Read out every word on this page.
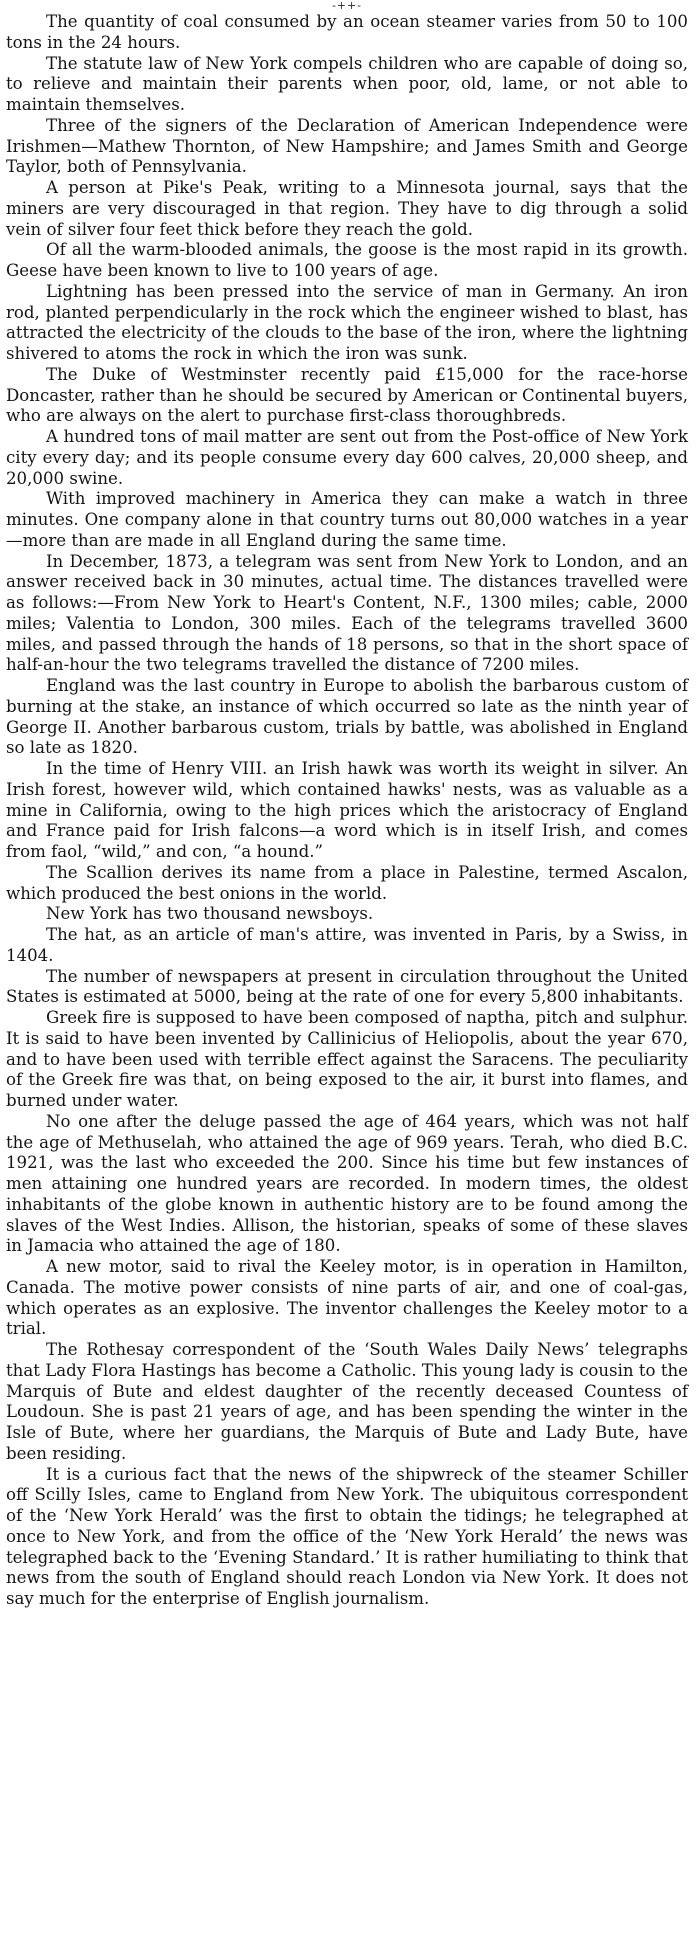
-++-

The quantity of coal consumed by an ocean steamer varies from 50 to 100 tons in the 24 hours.

The statute law of New York compels children who are capable of doing so, to relieve and maintain their parents when poor, old, lame, or not able to maintain themselves.

Three of the signers of the Declaration of American Independence were Irishmen—Mathew Thornton, of New Hampshire; and James Smith and George Taylor, both of Pennsylvania.

A person at Pike's Peak, writing to a Minnesota journal, says that the miners are very discouraged in that region. They have to dig through a solid vein of silver four feet thick before they reach the gold.

Of all the warm-blooded animals, the goose is the most rapid in its growth. Geese have been known to live to 100 years of age.

Lightning has been pressed into the service of man in Germany. An iron rod, planted perpendicularly in the rock which the engineer wished to blast, has attracted the electricity of the clouds to the base of the iron, where the lightning shivered to atoms the rock in which the iron was sunk.

The Duke of Westminster recently paid £15,000 for the race-horse Doncaster, rather than he should be secured by American or Continental buyers, who are always on the alert to purchase first-class thoroughbreds.

A hundred tons of mail matter are sent out from the Post-office of New York city every day; and its people consume every day 600 calves, 20,000 sheep, and 20,000 swine.

With improved machinery in America they can make a watch in three minutes. One company alone in that country turns out 80,000 watches in a year—more than are made in all England during the same time.

In December, 1873, a telegram was sent from New York to London, and an answer received back in 30 minutes, actual time. The distances travelled were as follows:—From New York to Heart's Content, N.F., 1300 miles; cable, 2000 miles; Valentia to London, 300 miles. Each of the telegrams travelled 3600 miles, and passed through the hands of 18 persons, so that in the short space of half-an-hour the two telegrams travelled the distance of 7200 miles.

England was the last country in Europe to abolish the barbarous custom of burning at the stake, an instance of which occurred so late as the ninth year of George II. Another barbarous custom, trials by battle, was abolished in England so late as 1820.

In the time of Henry VIII. an Irish hawk was worth its weight in silver. An Irish forest, however wild, which contained hawks' nests, was as valuable as a mine in California, owing to the high prices which the aristocracy of England and France paid for Irish falcons—a word which is in itself Irish, and comes from faol, “wild,” and con, “a hound.”

The Scallion derives its name from a place in Palestine, termed Ascalon, which produced the best onions in the world.

New York has two thousand newsboys.

The hat, as an article of man's attire, was invented in Paris, by a Swiss, in 1404.

The number of newspapers at present in circulation throughout the United States is estimated at 5000, being at the rate of one for every 5,800 inhabitants.

Greek fire is supposed to have been composed of naptha, pitch and sulphur. It is said to have been invented by Callinicius of Heliopolis, about the year 670, and to have been used with terrible effect against the Saracens. The peculiarity of the Greek fire was that, on being exposed to the air, it burst into flames, and burned under water.

No one after the deluge passed the age of 464 years, which was not half the age of Methuselah, who attained the age of 969 years. Terah, who died B.C. 1921, was the last who exceeded the 200. Since his time but few instances of men attaining one hundred years are recorded. In modern times, the oldest inhabitants of the globe known in authentic history are to be found among the slaves of the West Indies. Allison, the historian, speaks of some of these slaves in Jamacia who attained the age of 180.

A new motor, said to rival the Keeley motor, is in operation in Hamilton, Canada. The motive power consists of nine parts of air, and one of coal-gas, which operates as an explosive. The inventor challenges the Keeley motor to a trial.

The Rothesay correspondent of the ‘South Wales Daily News’ telegraphs that Lady Flora Hastings has become a Catholic. This young lady is cousin to the Marquis of Bute and eldest daughter of the recently deceased Countess of Loudoun. She is past 21 years of age, and has been spending the winter in the Isle of Bute, where her guardians, the Marquis of Bute and Lady Bute, have been residing.

It is a curious fact that the news of the shipwreck of the steamer Schiller off Scilly Isles, came to England from New York. The ubiquitous correspondent of the ‘New York Herald’ was the first to obtain the tidings; he telegraphed at once to New York, and from the office of the ‘New York Herald’ the news was telegraphed back to the ‘Evening Standard.’ It is rather humiliating to think that news from the south of England should reach London via New York. It does not say much for the enterprise of English journalism.
